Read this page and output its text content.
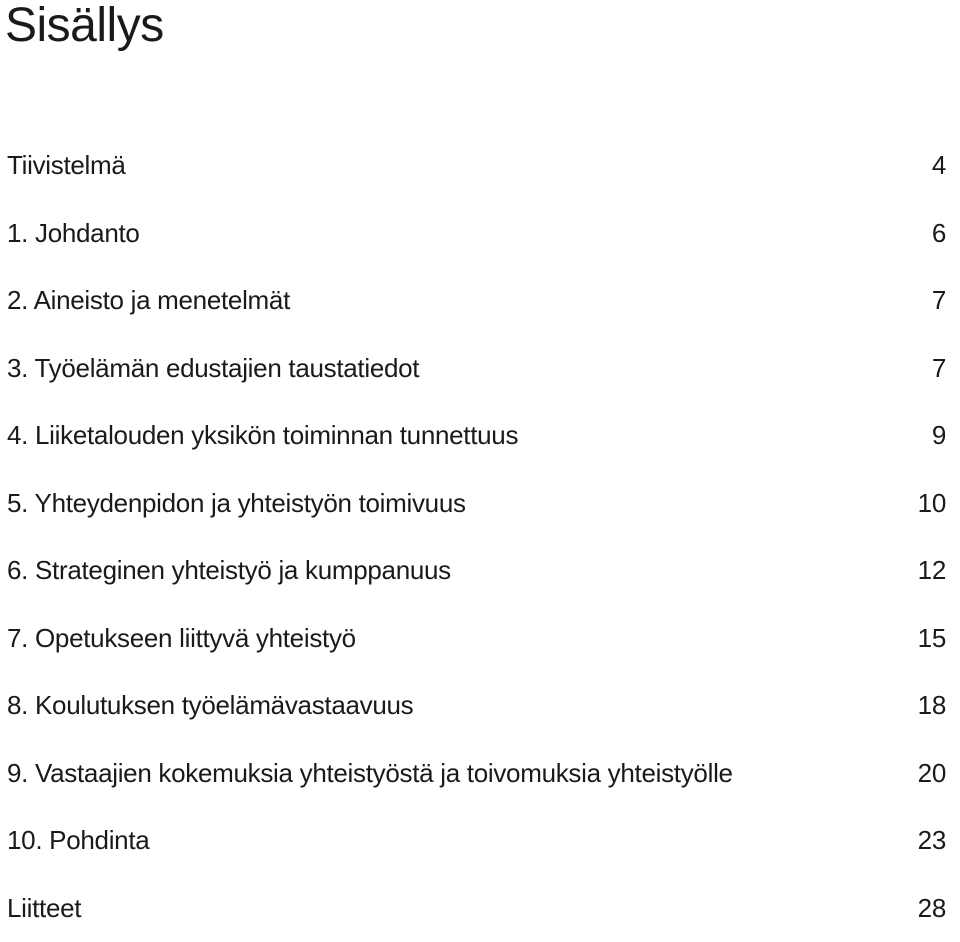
Sisällys
Tiivistelmä	4
1. Johdanto	6
2. Aineisto ja menetelmät	7
3. Työelämän edustajien taustatiedot	7
4. Liiketalouden yksikön toiminnan tunnettuus	9
5. Yhteydenpidon ja yhteistyön toimivuus	10
6. Strateginen yhteistyö ja kumppanuus	12
7. Opetukseen liittyvä yhteistyö	15
8. Koulutuksen työelämävastaavuus	18
9. Vastaajien kokemuksia yhteistyöstä ja toivomuksia yhteistyölle	20
10. Pohdinta	23
Liitteet	28
